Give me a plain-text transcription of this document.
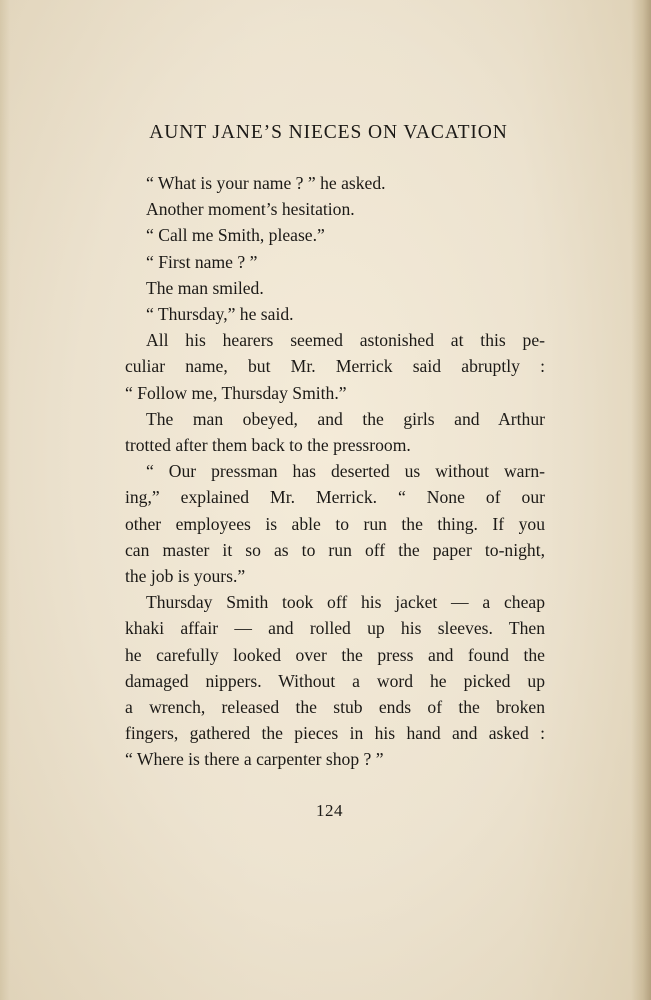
AUNT JANE’S NIECES ON VACATION
“ What is your name ? ” he asked.
Another moment’s hesitation.
“ Call me Smith, please.”
“ First name ? ”
The man smiled.
“ Thursday,” he said.
All his hearers seemed astonished at this pe-
culiar name, but Mr. Merrick said abruptly :
“ Follow me, Thursday Smith.”
The man obeyed, and the girls and Arthur
trotted after them back to the pressroom.
“ Our pressman has deserted us without warn-
ing,” explained Mr. Merrick. “ None of our
other employees is able to run the thing. If you
can master it so as to run off the paper to-night,
the job is yours.”
Thursday Smith took off his jacket — a cheap
khaki affair — and rolled up his sleeves. Then
he carefully looked over the press and found the
damaged nippers. Without a word he picked up
a wrench, released the stub ends of the broken
fingers, gathered the pieces in his hand and asked :
“ Where is there a carpenter shop ? ”
124
